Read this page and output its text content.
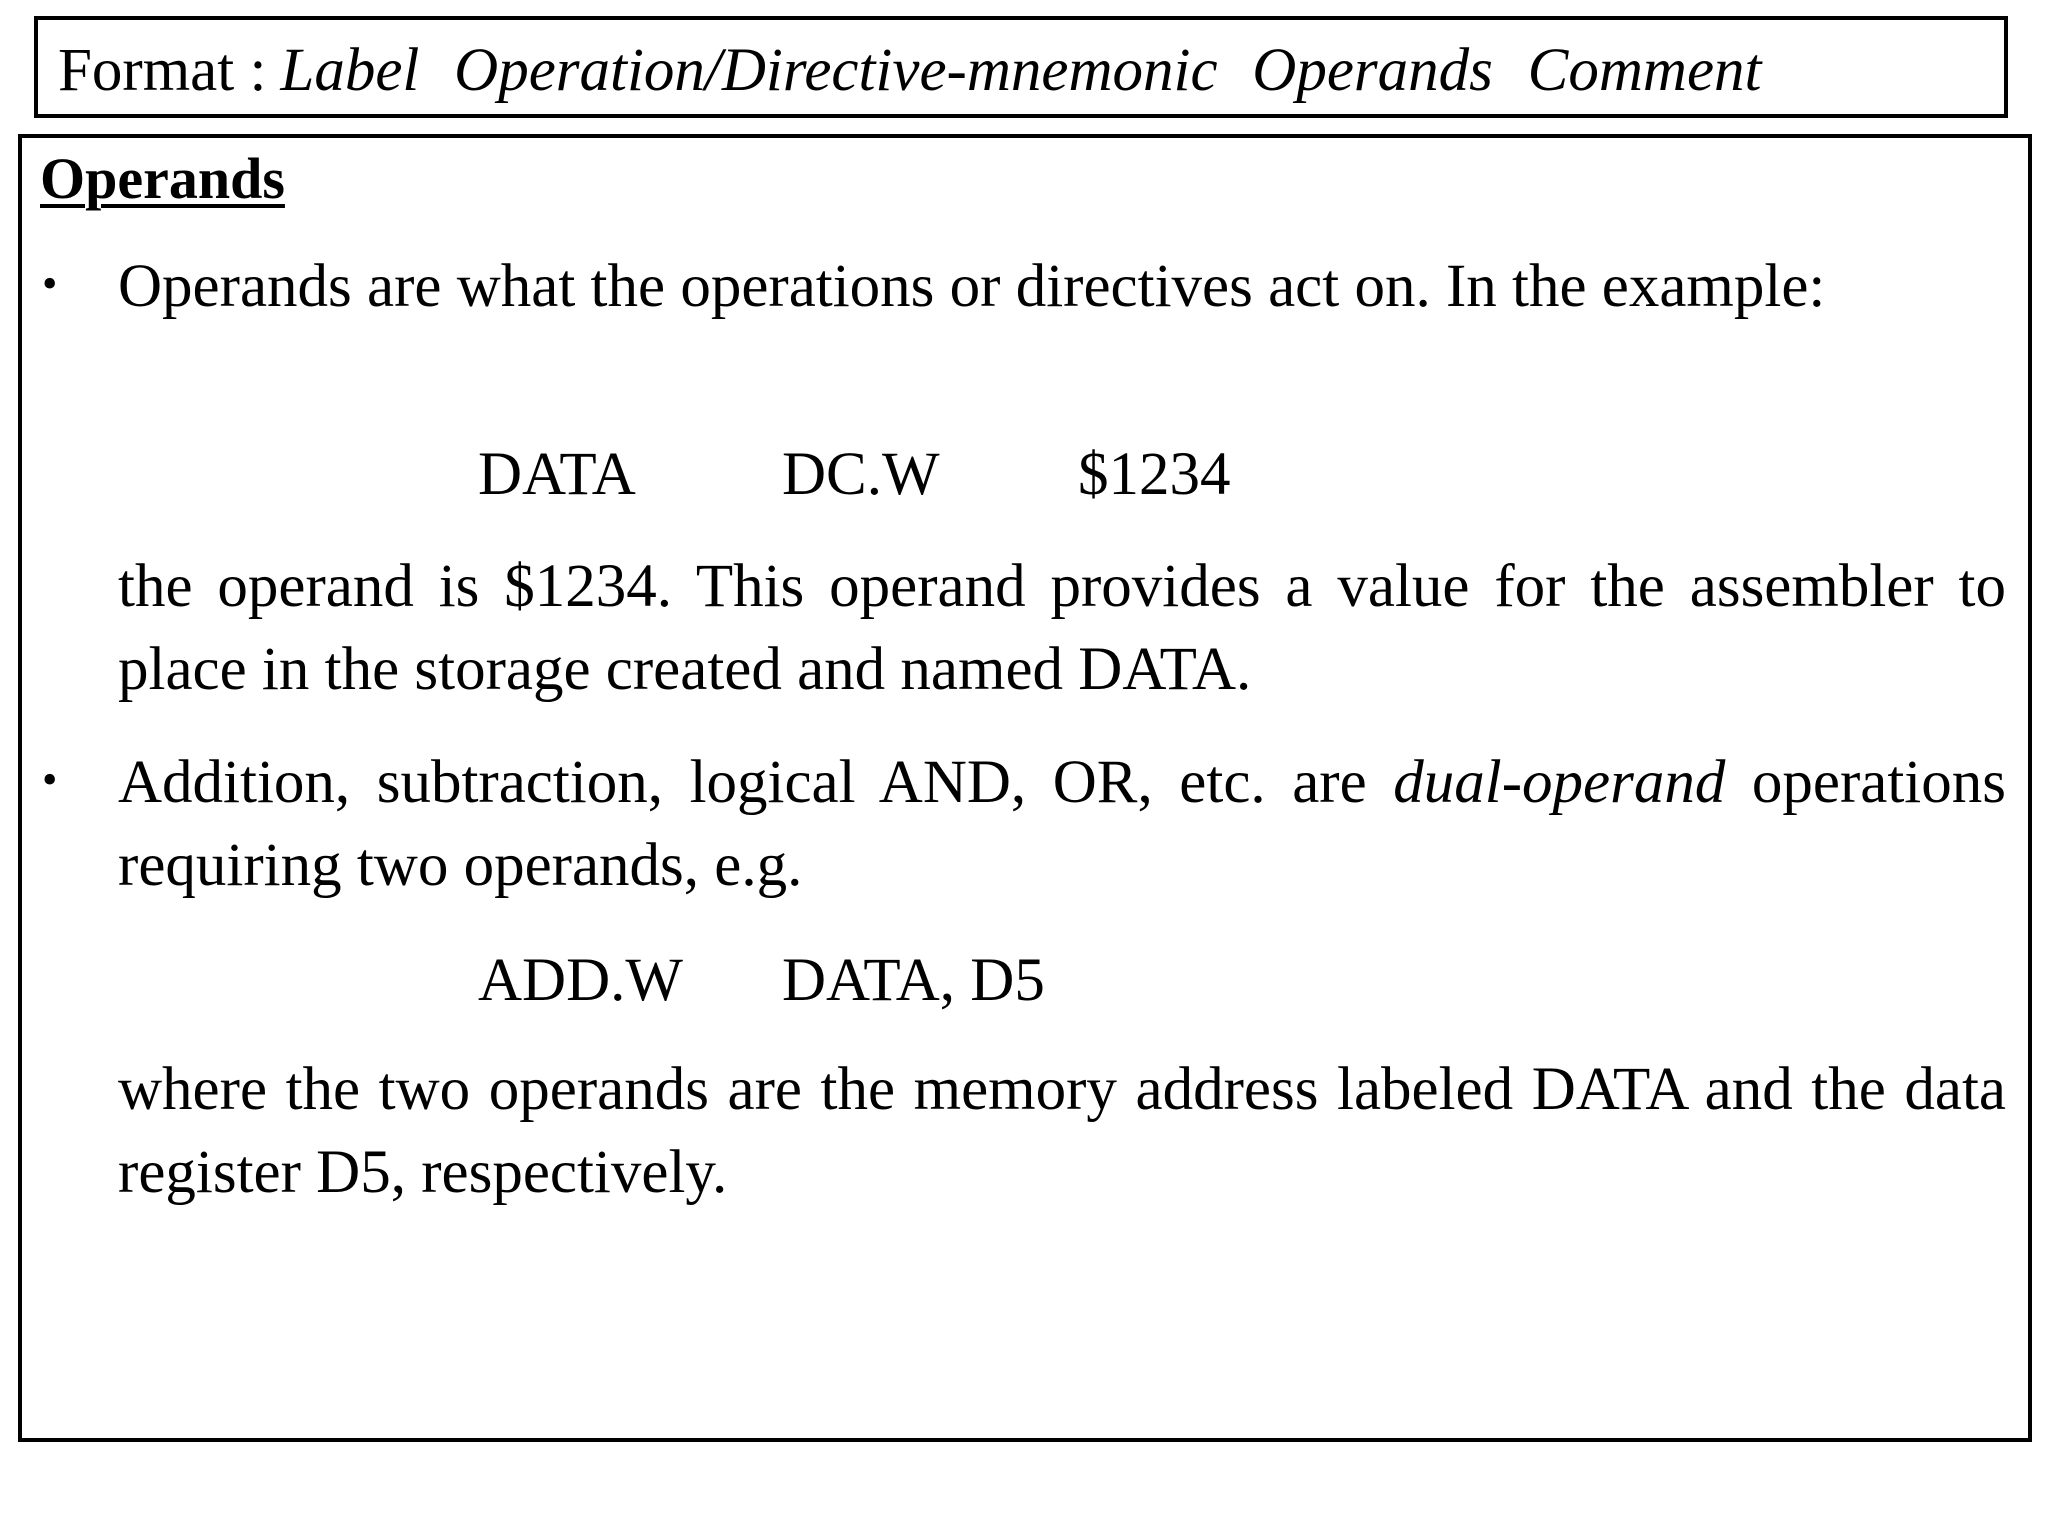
Format : Label Operation/Directive-mnemonic Operands Comment
Operands
• Operands are what the operations or directives act on. In the example:

DATA DC.W $1234

the operand is $1234. This operand provides a value for the assembler to place in the storage created and named DATA.

• Addition, subtraction, logical AND, OR, etc. are dual-operand operations requiring two operands, e.g.

ADD.W DATA, D5

where the two operands are the memory address labeled DATA and the data register D5, respectively.
